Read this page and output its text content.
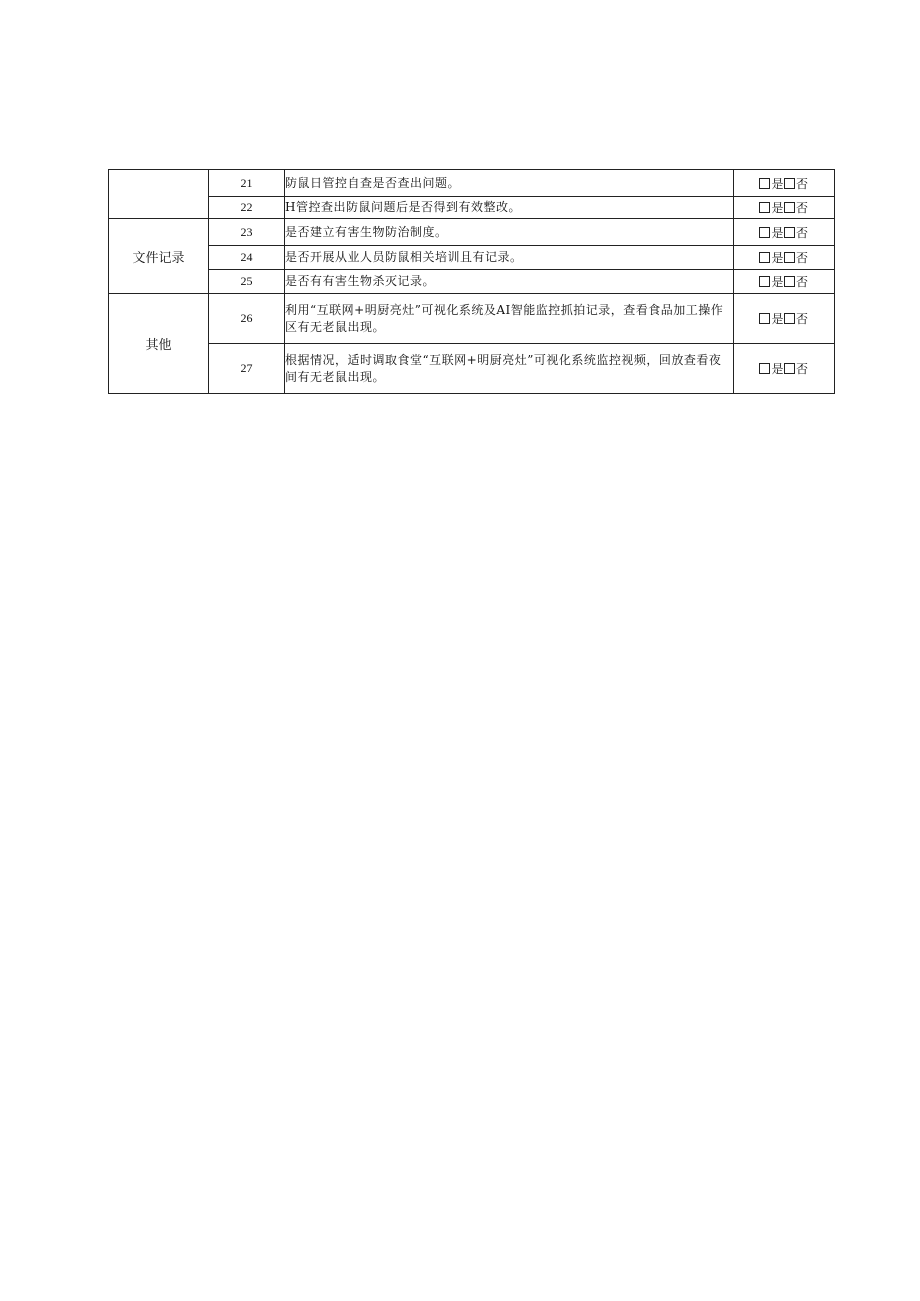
	21	防鼠日管控自查是否查出问题。	是 否
	22	H管控查出防鼠问题后是否得到有效整改。	是 否
文件记录	23	是否建立有害生物防治制度。	是 否
	24	是否开展从业人员防鼠相关培训且有记录。	是 否
	25	是否有有害生物杀灭记录。	是 否
其他	26	利用“互联网+明厨亮灶”可视化系统及AI智能监控抓拍记录，查看食品加工操作区有无老鼠出现。	是 否
	27	根据情况，适时调取食堂“互联网+明厨亮灶”可视化系统监控视频，回放查看夜间有无老鼠出现。	是 否
